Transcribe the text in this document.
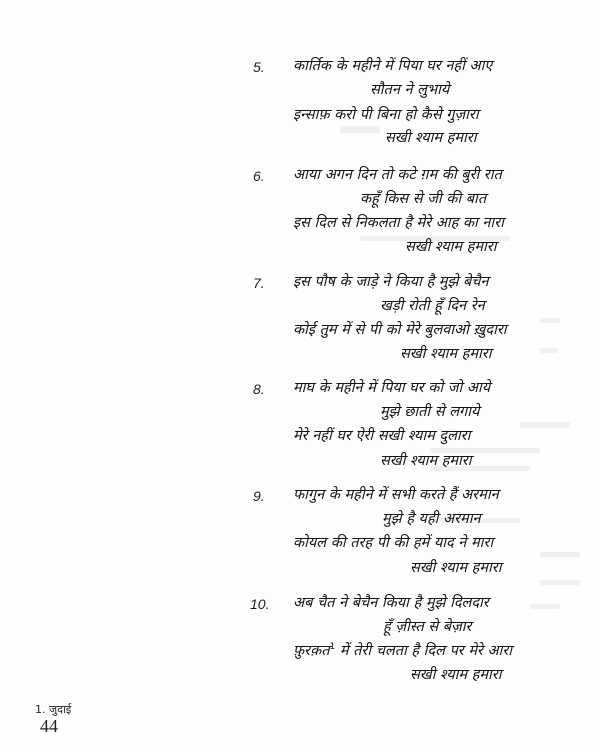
5. कार्तिक के महीने में पिया घर नहीं आए
सौतन ने लुभाये
इन्साफ़ करो पी बिना हो कैसे गुज़ारा
सखी श्याम हमारा
6. आया अगन दिन तो कटे ग़म की बुरी रात
कहूँ किस से जी की बात
इस दिल से निकलता है मेरे आह का नारा
सखी श्याम हमारा
7. इस पौष के जाड़े ने किया है मुझे बेचैन
खड़ी रोती हूँ दिन रेन
कोई तुम में से पी को मेरे बुलवाओ ख़ुदारा
सखी श्याम हमारा
8. माघ के महीने में पिया घर को जो आये
मुझे छाती से लगाये
मेरे नहीं घर ऐरी सखी श्याम दुलारा
सखी श्याम हमारा
9. फागुन के महीने में सभी करते हैं अरमान
मुझे है यही अरमान
कोयल की तरह पी की हमें याद ने मारा
सखी श्याम हमारा
10. अब चैत ने बेचैन किया है मुझे दिलदार
हूँ ज़ीस्त से बेज़ार
फ़ुरक़त$^1$ में तेरी चलता है दिल पर मेरे आरा
सखी श्याम हमारा
1. जुदाई
44
